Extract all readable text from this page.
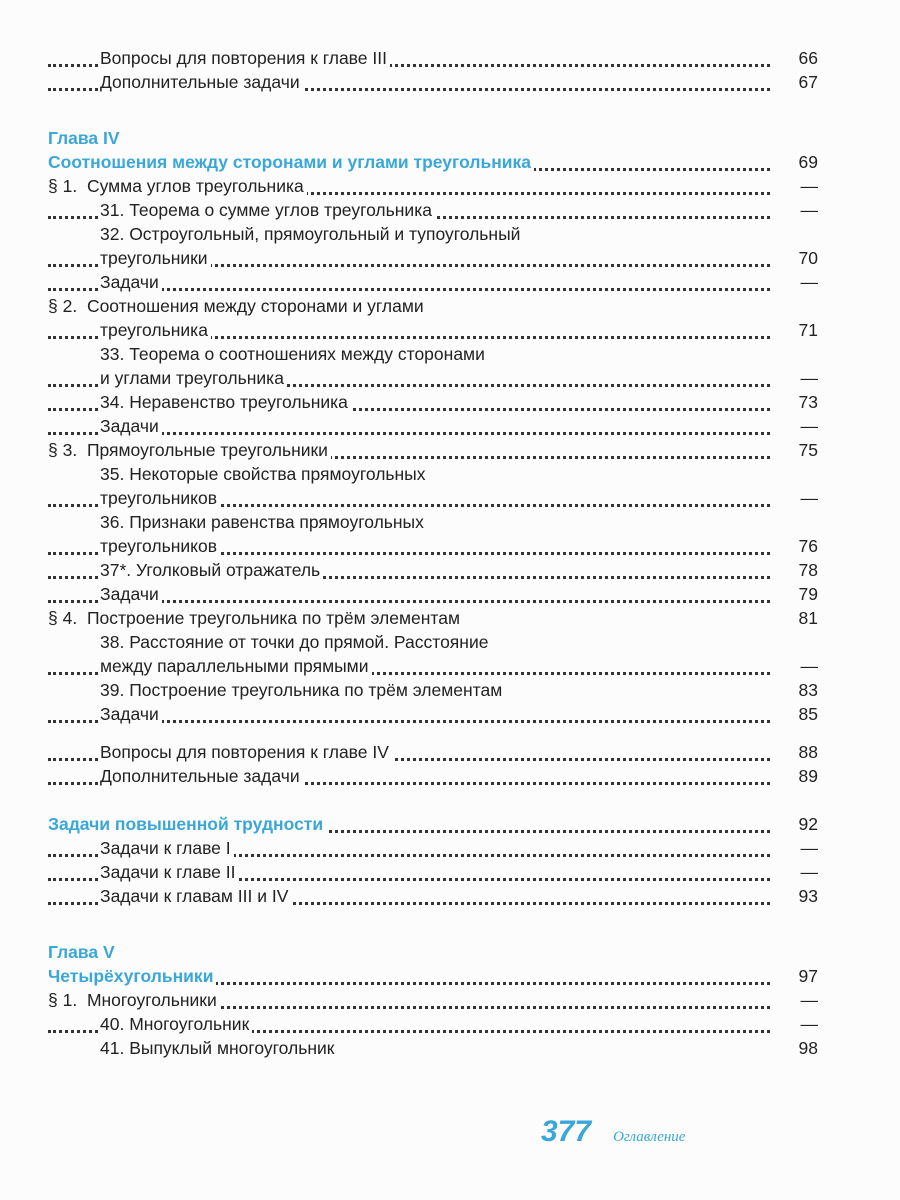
Вопросы для повторения к главе III	66
Дополнительные задачи	67
Глава IV
Соотношения между сторонами и углами треугольника	69
§ 1. Сумма углов треугольника	—
31. Теорема о сумме углов треугольника	—
32. Остроугольный, прямоугольный и тупоугольный
треугольники	70
Задачи	—
§ 2. Соотношения между сторонами и углами
треугольника	71
33. Теорема о соотношениях между сторонами
и углами треугольника	—
34. Неравенство треугольника	73
Задачи	—
§ 3. Прямоугольные треугольники	75
35. Некоторые свойства прямоугольных
треугольников	—
36. Признаки равенства прямоугольных
треугольников	76
37*. Уголковый отражатель	78
Задачи	79
§ 4. Построение треугольника по трём элементам	81
38. Расстояние от точки до прямой. Расстояние
между параллельными прямыми	—
39. Построение треугольника по трём элементам	83
Задачи	85
Вопросы для повторения к главе IV	88
Дополнительные задачи	89
Задачи повышенной трудности	92
Задачи к главе I	—
Задачи к главе II	—
Задачи к главам III и IV	93
Глава V
Четырёхугольники	97
§ 1. Многоугольники	—
40. Многоугольник	—
41. Выпуклый многоугольник	98
377 Оглавление
